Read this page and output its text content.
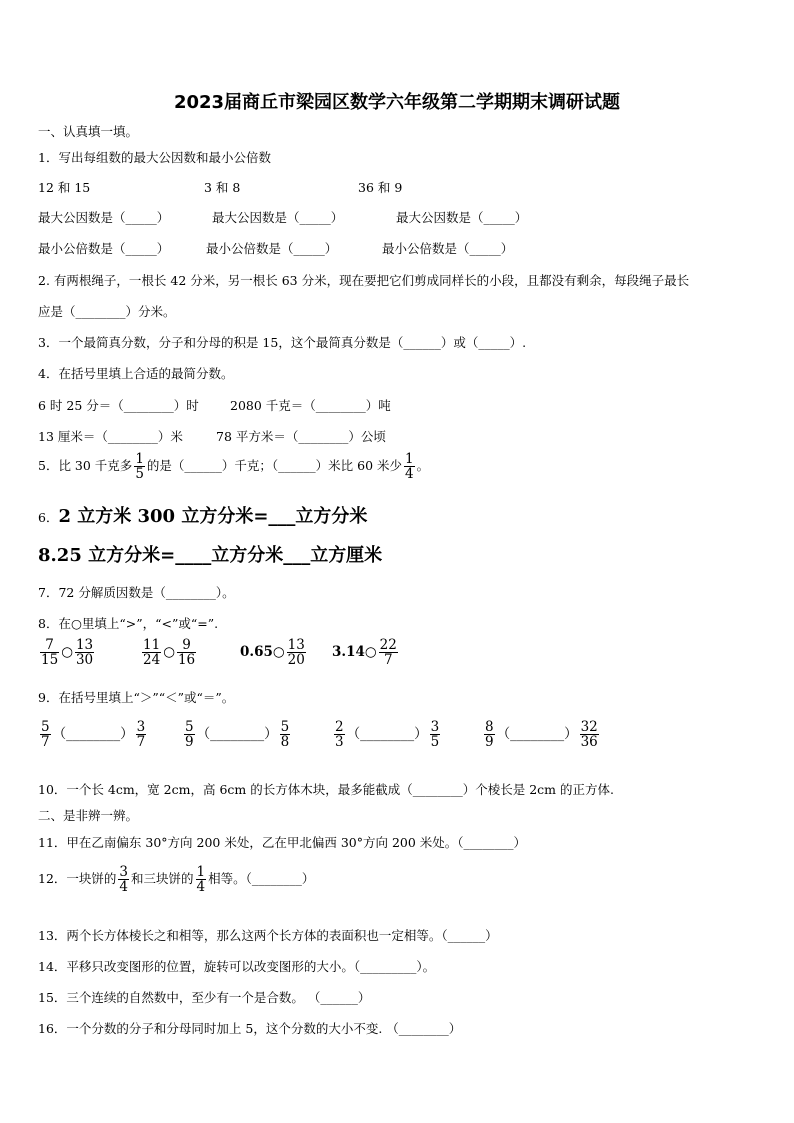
2023届商丘市梁园区数学六年级第二学期期末调研试题
一、认真填一填。
1．写出每组数的最大公因数和最小公倍数
12 和 15	3 和 8	36 和 9
最大公因数是（_____）	最大公因数是（_____）	最大公因数是（_____）
最小公倍数是（_____）	最小公倍数是（_____）	最小公倍数是（_____）
2. 有两根绳子，一根长 42 分米，另一根长 63 分米，现在要把它们剪成同样长的小段，且都没有剩余，每段绳子最长
应是（________）分米。
3．一个最简真分数，分子和分母的积是 15，这个最简真分数是（______）或（_____）.
4．在括号里填上合适的最简分数。
6 时 25 分＝（________）时 2080 千克＝（________）吨
13 厘米＝（________）米	78 平方米＝（________）公顷
5．比 30 千克多 $\frac{1}{5}$ 的是（______）千克；（______）米比 60 米少 $\frac{1}{4}$ 。
6．2 立方米 300 立方分米=___立方分米
8.25 立方分米=____立方分米___立方厘米
7．72 分解质因数是（________）。
8．在○里填上“>”，“<”或“=”.
$\frac{7}{15}$ ○ $\frac{13}{30}$	$\frac{11}{24}$ ○ $\frac{9}{16}$	0.65○ $\frac{13}{20}$ 3.14○ $\frac{22}{7}$
9．在括号里填上“＞”“＜”或“＝”。
$\frac{5}{7}$ （________） $\frac{3}{7}$	$\frac{5}{9}$ （________） $\frac{5}{8}$	$\frac{2}{3}$ （________） $\frac{3}{5}$	$\frac{8}{9}$ （________） $\frac{32}{36}$
10．一个长 4cm，宽 2cm，高 6cm 的长方体木块，最多能截成（________）个棱长是 2cm 的正方体.
二、是非辨一辨。
11．甲在乙南偏东 30°方向 200 米处，乙在甲北偏西 30°方向 200 米处。（________）
12．一块饼的 $\frac{3}{4}$ 和三块饼的 $\frac{1}{4}$ 相等。（________）
13．两个长方体棱长之和相等，那么这两个长方体的表面积也一定相等。（______）
14．平移只改变图形的位置，旋转可以改变图形的大小。（_________）。
15．三个连续的自然数中，至少有一个是合数。 （______）
16．一个分数的分子和分母同时加上 5，这个分数的大小不变. （________）
